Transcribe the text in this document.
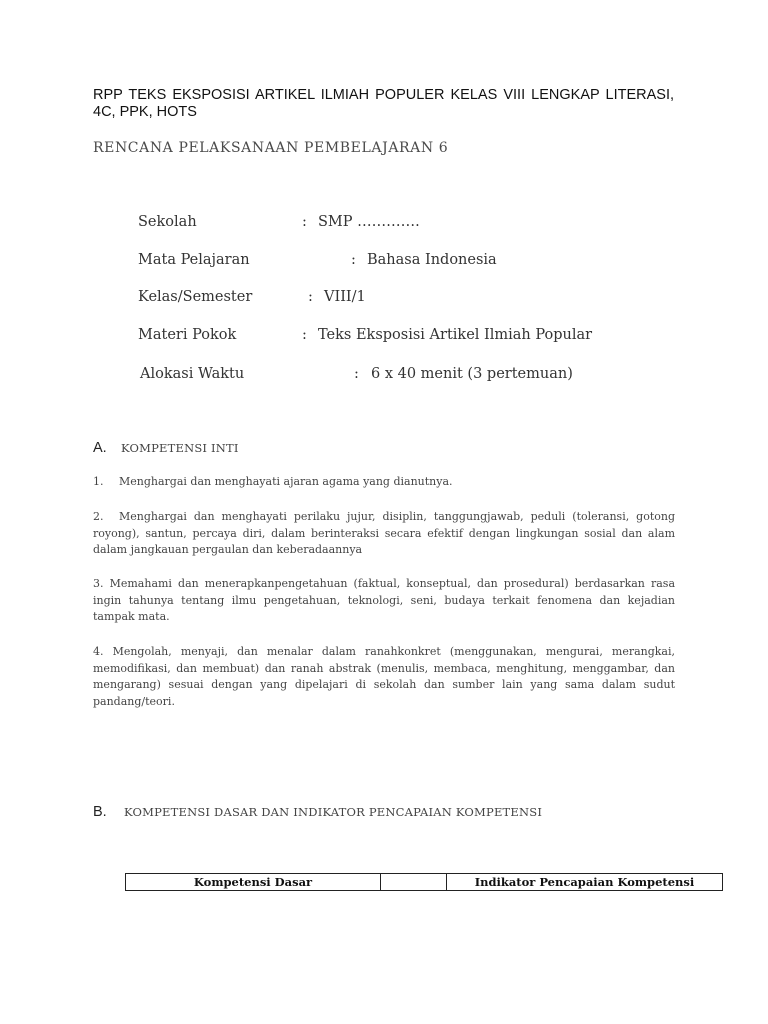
RPP TEKS EKSPOSISI ARTIKEL ILMIAH POPULER KELAS VIII LENGKAP LITERASI, 4C, PPK, HOTS
RENCANA PELAKSANAAN PEMBELAJARAN 6
Sekolah	: SMP ………….
Mata Pelajaran	: Bahasa Indonesia
Kelas/Semester	: VIII/1
Materi Pokok	: Teks Eksposisi Artikel Ilmiah Popular
Alokasi Waktu	: 6 x 40 menit (3 pertemuan)
A. KOMPETENSI INTI

1. Menghargai dan menghayati ajaran agama yang dianutnya.

2. Menghargai dan menghayati perilaku jujur, disiplin, tanggungjawab, peduli (toleransi, gotong royong), santun, percaya diri, dalam berinteraksi secara efektif dengan lingkungan sosial dan alam dalam jangkauan pergaulan dan keberadaannya

3. Memahami dan menerapkanpengetahuan (faktual, konseptual, dan prosedural) berdasarkan rasa ingin tahunya tentang ilmu pengetahuan, teknologi, seni, budaya terkait fenomena dan kejadian tampak mata.

4. Mengolah, menyaji, dan menalar dalam ranahkonkret (menggunakan, mengurai, merangkai, memodifikasi, dan membuat) dan ranah abstrak (menulis, membaca, menghitung, menggambar, dan mengarang) sesuai dengan yang dipelajari di sekolah dan sumber lain yang sama dalam sudut pandang/teori.

B. KOMPETENSI DASAR DAN INDIKATOR PENCAPAIAN KOMPETENSI
Kompetensi Dasar		Indikator Pencapaian Kompetensi
